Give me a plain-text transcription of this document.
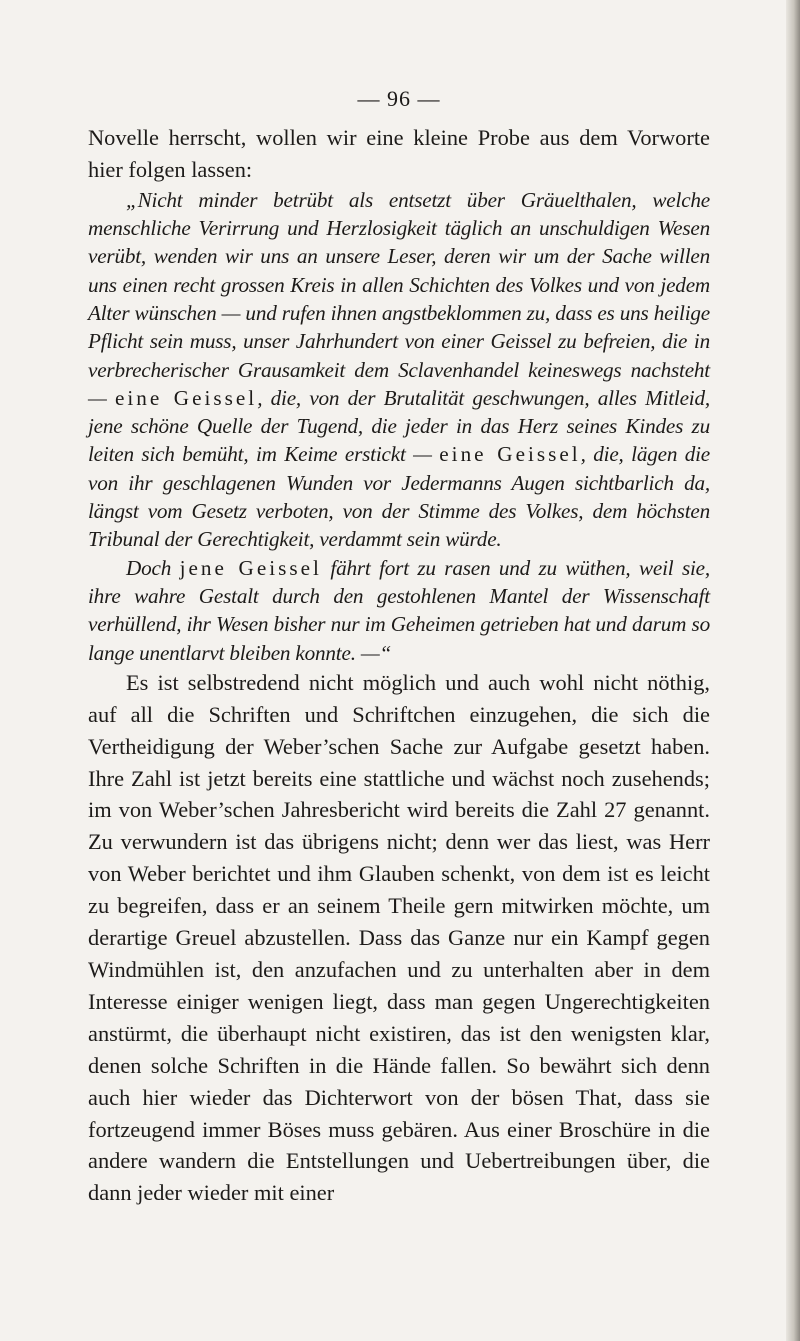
— 96 —

Novelle herrscht, wollen wir eine kleine Probe aus dem Vorworte hier folgen lassen:

„Nicht minder betrübt als entsetzt über Gräuelthalen, welche menschliche Verirrung und Herzlosigkeit täglich an unschuldigen Wesen verübt, wenden wir uns an unsere Leser, deren wir um der Sache willen uns einen recht grossen Kreis in allen Schichten des Volkes und von jedem Alter wünschen — und rufen ihnen angstbeklommen zu, dass es uns heilige Pflicht sein muss, unser Jahrhundert von einer Geissel zu befreien, die in verbrecherischer Grausamkeit dem Sclavenhandel keineswegs nachsteht — eine Geissel, die, von der Brutalität geschwungen, alles Mitleid, jene schöne Quelle der Tugend, die jeder in das Herz seines Kindes zu leiten sich bemüht, im Keime erstickt — eine Geissel, die, lägen die von ihr geschlagenen Wunden vor Jedermanns Augen sichtbarlich da, längst vom Gesetz verboten, von der Stimme des Volkes, dem höchsten Tribunal der Gerechtigkeit, verdammt sein würde.

Doch jene Geissel fährt fort zu rasen und zu wüthen, weil sie, ihre wahre Gestalt durch den gestohlenen Mantel der Wissenschaft verhüllend, ihr Wesen bisher nur im Geheimen getrieben hat und darum so lange unentlarvt bleiben konnte. —“

Es ist selbstredend nicht möglich und auch wohl nicht nöthig, auf all die Schriften und Schriftchen einzugehen, die sich die Vertheidigung der Weber’schen Sache zur Aufgabe gesetzt haben. Ihre Zahl ist jetzt bereits eine stattliche und wächst noch zusehends; im von Weber’schen Jahresbericht wird bereits die Zahl 27 genannt. Zu verwundern ist das übrigens nicht; denn wer das liest, was Herr von Weber berichtet und ihm Glauben schenkt, von dem ist es leicht zu begreifen, dass er an seinem Theile gern mitwirken möchte, um derartige Greuel abzustellen. Dass das Ganze nur ein Kampf gegen Windmühlen ist, den anzufachen und zu unterhalten aber in dem Interesse einiger wenigen liegt, dass man gegen Ungerechtigkeiten anstürmt, die überhaupt nicht existiren, das ist den wenigsten klar, denen solche Schriften in die Hände fallen. So bewährt sich denn auch hier wieder das Dichterwort von der bösen That, dass sie fortzeugend immer Böses muss gebären. Aus einer Broschüre in die andere wandern die Entstellungen und Uebertreibungen über, die dann jeder wieder mit einer
